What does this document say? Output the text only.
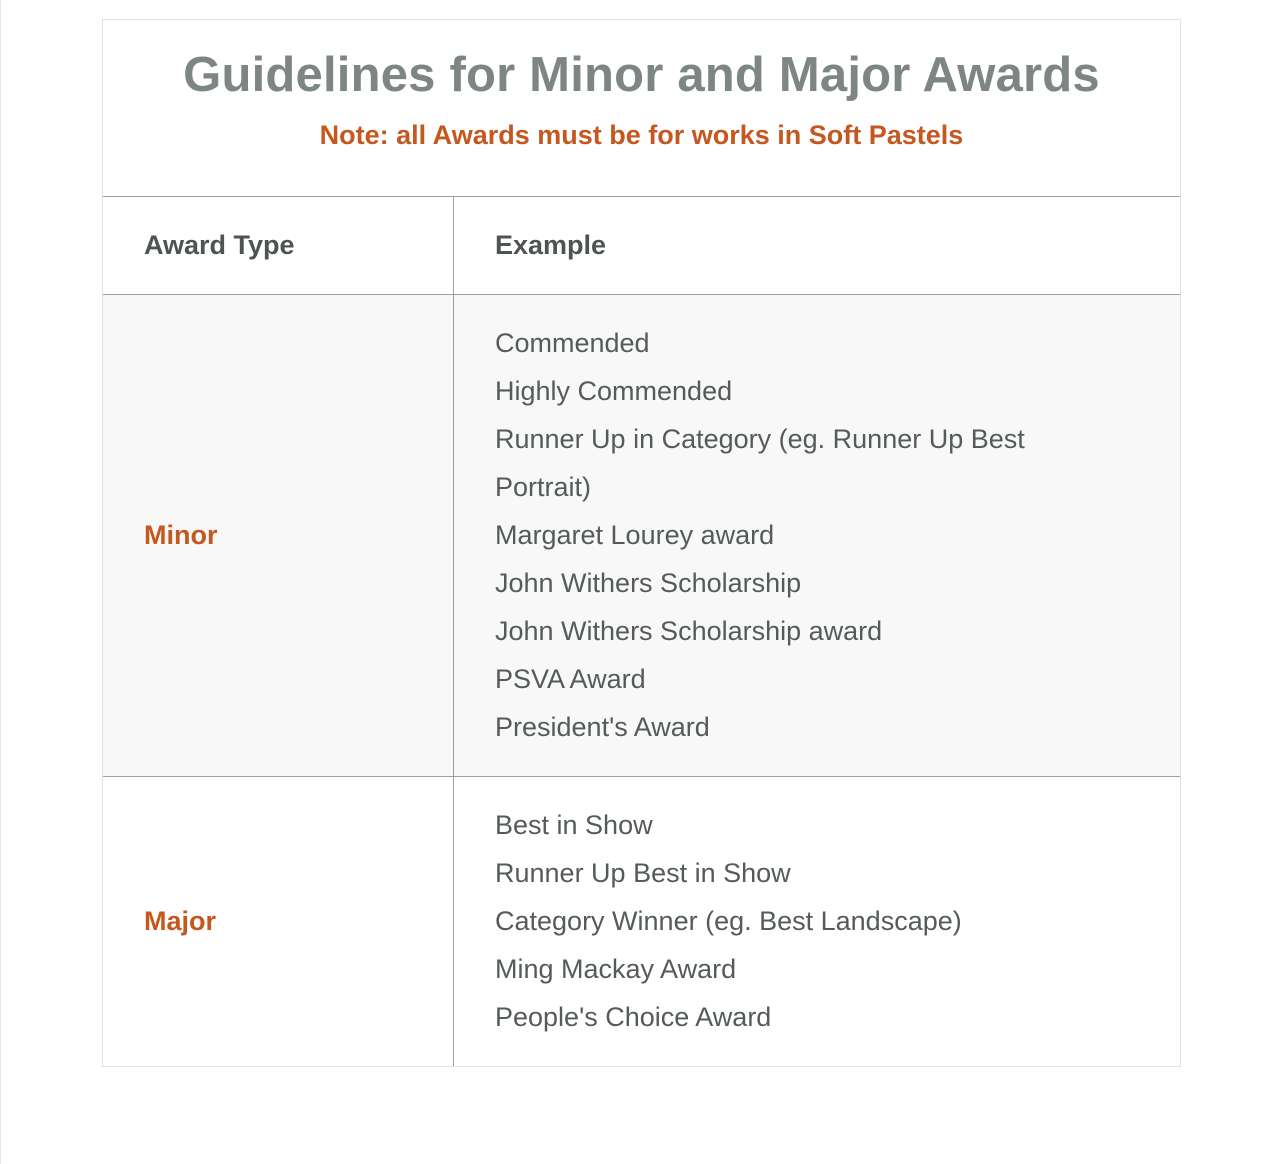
Guidelines for Minor and Major Awards

Note: all Awards must be for works in Soft Pastels

Award Type	Example
Minor
Commended
Highly Commended
Runner Up in Category (eg. Runner Up Best Portrait)
Margaret Lourey award
John Withers Scholarship
John Withers Scholarship award
PSVA Award
President's Award
Major
Best in Show
Runner Up Best in Show
Category Winner (eg. Best Landscape)
Ming Mackay Award
People's Choice Award
